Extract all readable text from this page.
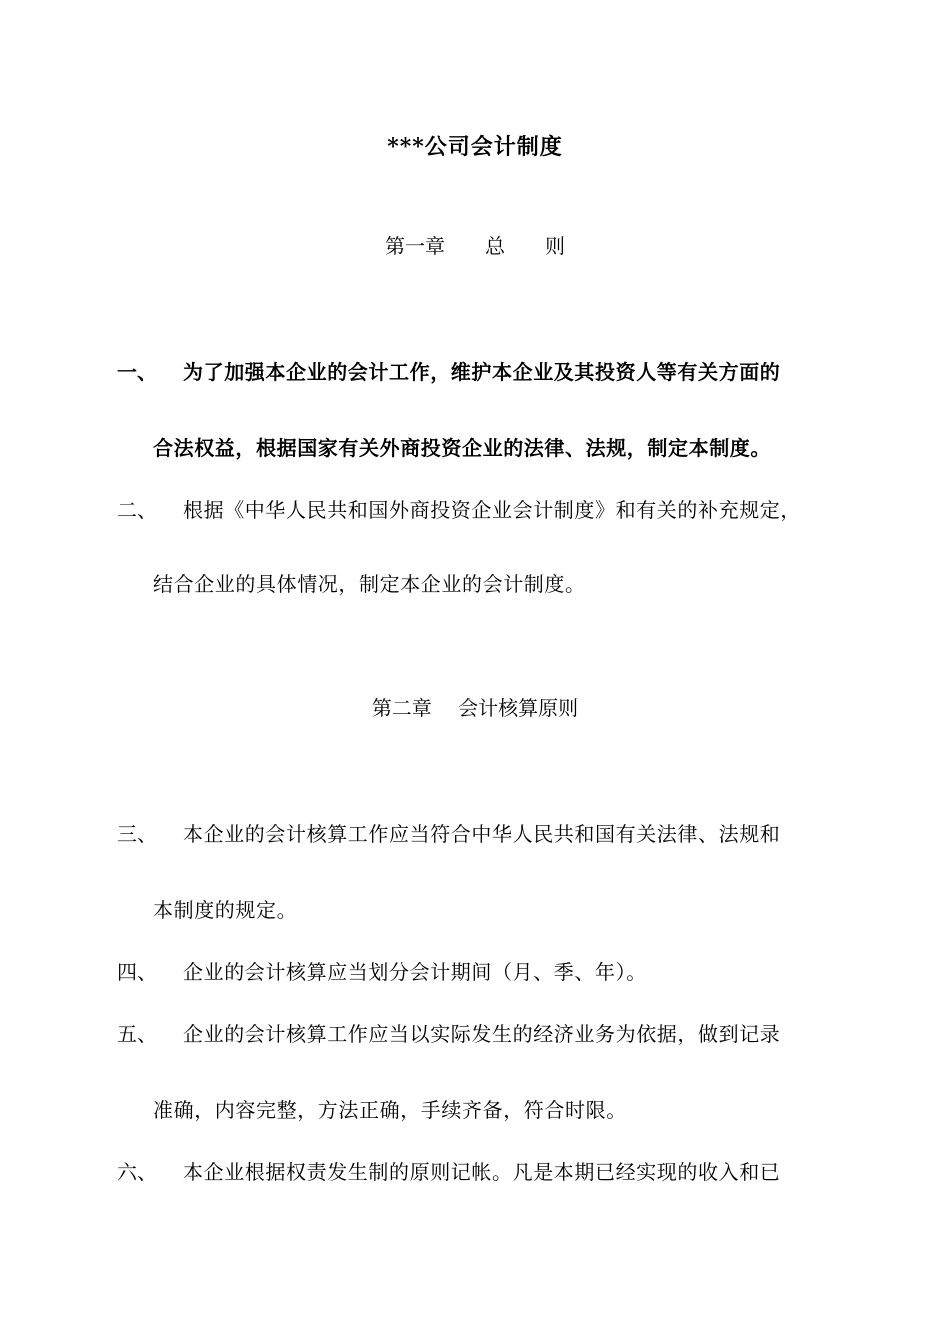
***公司会计制度
第一章　　总　　则
一、 为了加强本企业的会计工作，维护本企业及其投资人等有关方面的
合法权益，根据国家有关外商投资企业的法律、法规，制定本制度。
二、 根据《中华人民共和国外商投资企业会计制度》和有关的补充规定，
结合企业的具体情况，制定本企业的会计制度。
第二章　 会计核算原则
三、 本企业的会计核算工作应当符合中华人民共和国有关法律、法规和
本制度的规定。
四、 企业的会计核算应当划分会计期间（月、季、年）。
五、 企业的会计核算工作应当以实际发生的经济业务为依据，做到记录
准确，内容完整，方法正确，手续齐备，符合时限。
六、 本企业根据权责发生制的原则记帐。凡是本期已经实现的收入和已
